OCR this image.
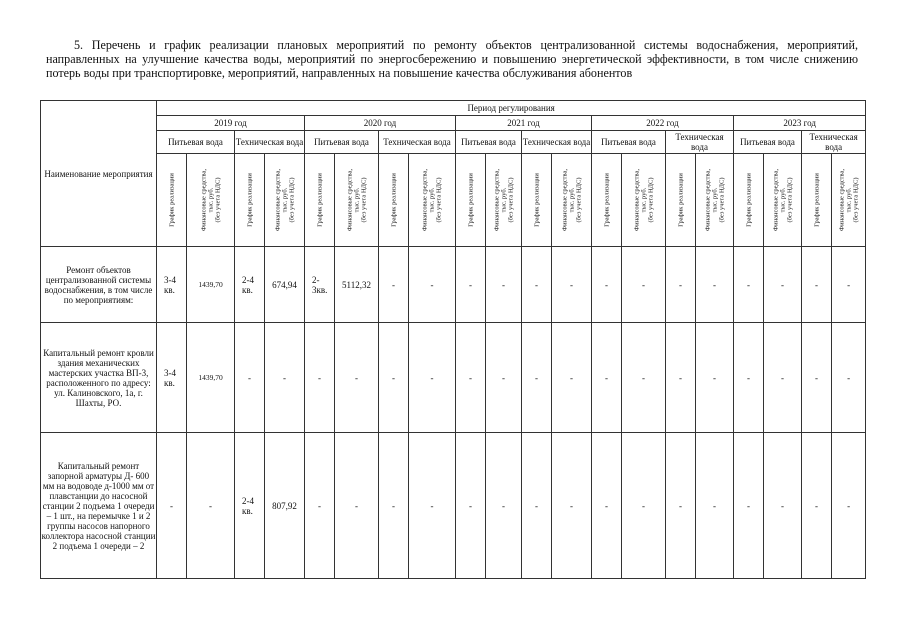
5. Перечень и график реализации плановых мероприятий по ремонту объектов централизованной системы водоснабжения, мероприятий, направленных на улучшение качества воды, мероприятий по энергосбережению и повышению энергетической эффективности, в том числе снижению потерь воды при транспортировке, мероприятий, направленных на повышение качества обслуживания абонентов
Наименование мероприятия	Период регулирования																			
	2019 год				2020 год				2021 год				2022 год				2023 год			
	Питьевая вода		Техническая вода		Питьевая вода		Техническая вода		Питьевая вода		Техническая вода		Питьевая вода		Техническая вода		Питьевая вода		Техническая вода	

	График реализации	Финансовые средства,
тыс. руб.
(без учета НДС)	График реализации	Финансовые средства,
тыс. руб.
(без учета НДС)	График реализации	Финансовые средства,
тыс. руб.
(без учета НДС)	График реализации	Финансовые средства,
тыс. руб.
(без учета НДС)	График реализации	Финансовые средства,
тыс. руб.
(без учета НДС)	График реализации	Финансовые средства,
тыс. руб.
(без учета НДС)	График реализации	Финансовые средства,
тыс. руб.
(без учета НДС)	График реализации	Финансовые средства,
тыс. руб.
(без учета НДС)	График реализации	Финансовые средства,
тыс. руб.
(без учета НДС)	График реализации	Финансовые средства,
тыс. руб.
(без учета НДС)

Ремонт объектов централизованной системы водоснабжения, в том числе по мероприятиям:	3-4 кв.	1439,70	2-4 кв.	674,94	2-3кв.	5112,32	-	-	-	-	-	-	-	-	-	-	-	-	-	-
Капитальный ремонт кровли здания механических мастерских участка ВП-3, расположенного по адресу: ул. Калиновского, 1а, г. Шахты, РО.	3-4 кв.	1439,70	-	-	-	-	-	-	-	-	-	-	-	-	-	-	-	-	-	-
Капитальный ремонт запорной арматуры Д- 600 мм на водоводе д-1000 мм от плавстанции до насосной станции 2 подъема 1 очереди – 1 шт., на перемычке 1 и 2 группы насосов напорного коллектора насосной станции 2 подъема 1 очереди – 2	-	-	2-4 кв.	807,92	-	-	-	-	-	-	-	-	-	-	-	-	-	-	-	-
